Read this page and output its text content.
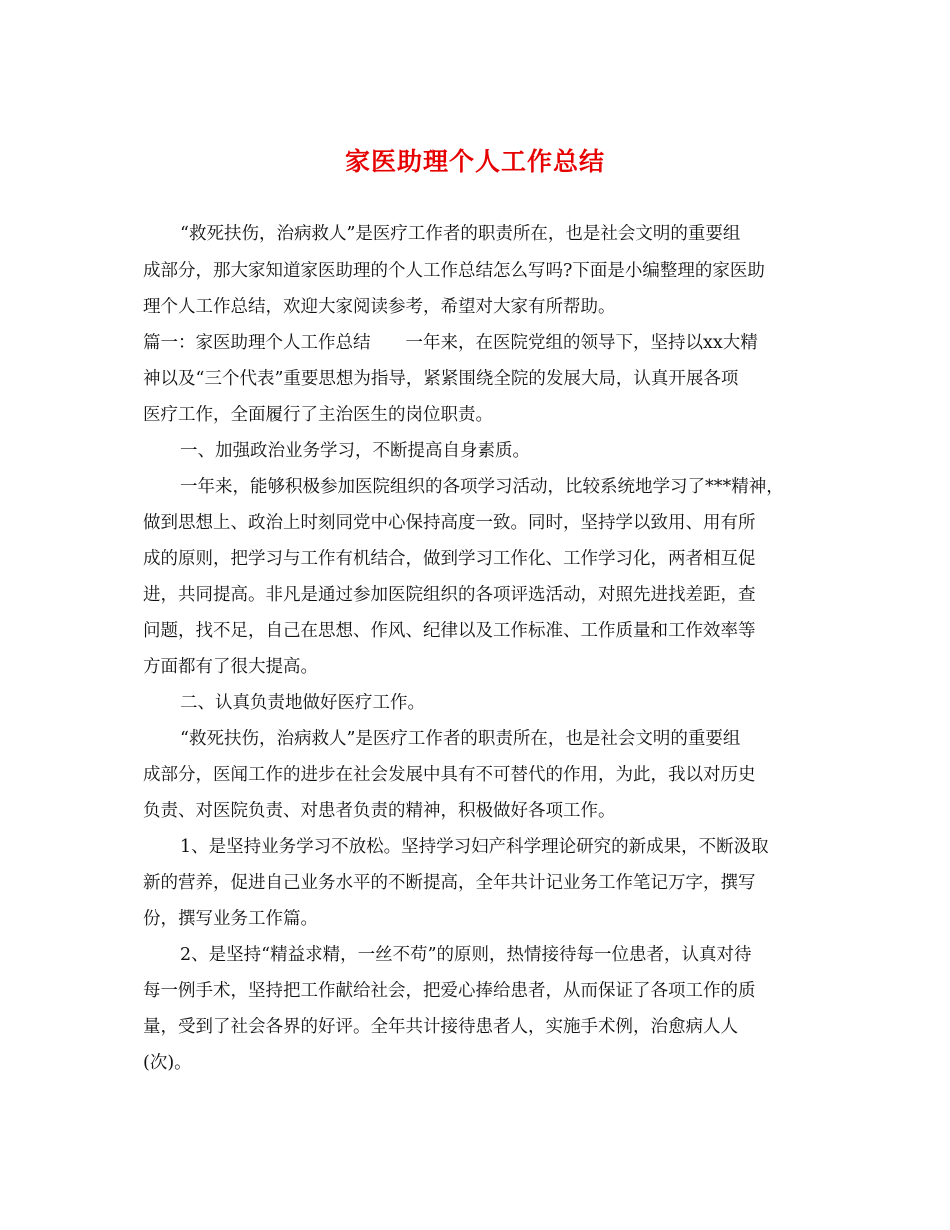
家医助理个人工作总结
“救死扶伤，治病救人”是医疗工作者的职责所在，也是社会文明的重要组
成部分，那大家知道家医助理的个人工作总结怎么写吗?下面是小编整理的家医助
理个人工作总结，欢迎大家阅读参考，希望对大家有所帮助。
篇一：家医助理个人工作总结　　一年来，在医院党组的领导下，坚持以xx大精
神以及“三个代表”重要思想为指导，紧紧围绕全院的发展大局，认真开展各项
医疗工作，全面履行了主治医生的岗位职责。
一、加强政治业务学习，不断提高自身素质。
一年来，能够积极参加医院组织的各项学习活动，比较系统地学习了***精神，
做到思想上、政治上时刻同党中心保持高度一致。同时，坚持学以致用、用有所
成的原则，把学习与工作有机结合，做到学习工作化、工作学习化，两者相互促
进，共同提高。非凡是通过参加医院组织的各项评选活动，对照先进找差距，查
问题，找不足，自己在思想、作风、纪律以及工作标准、工作质量和工作效率等
方面都有了很大提高。
二、认真负责地做好医疗工作。
“救死扶伤，治病救人”是医疗工作者的职责所在，也是社会文明的重要组
成部分，医闻工作的进步在社会发展中具有不可替代的作用，为此，我以对历史
负责、对医院负责、对患者负责的精神，积极做好各项工作。
1、是坚持业务学习不放松。坚持学习妇产科学理论研究的新成果，不断汲取
新的营养，促进自己业务水平的不断提高，全年共计记业务工作笔记万字，撰写
份，撰写业务工作篇。
2、是坚持“精益求精，一丝不苟”的原则，热情接待每一位患者，认真对待
每一例手术，坚持把工作献给社会，把爱心捧给患者，从而保证了各项工作的质
量，受到了社会各界的好评。全年共计接待患者人，实施手术例，治愈病人人
(次)。
